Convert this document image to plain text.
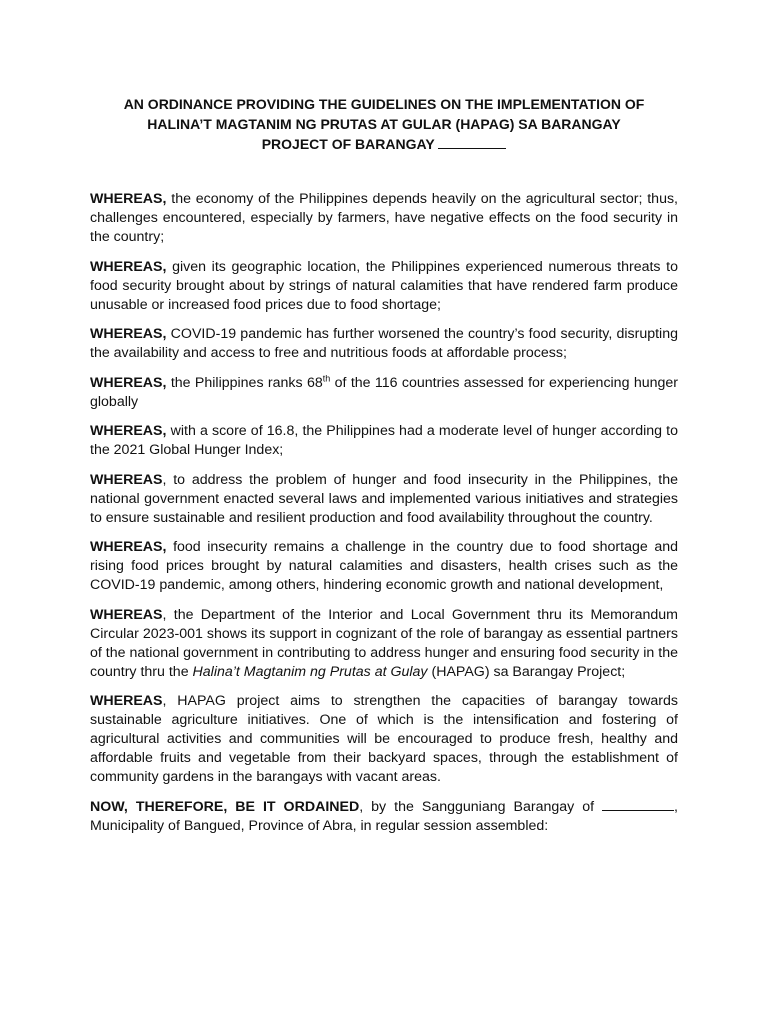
AN ORDINANCE PROVIDING THE GUIDELINES ON THE IMPLEMENTATION OF
HALINA’T MAGTANIM NG PRUTAS AT GULAR (HAPAG) SA BARANGAY
PROJECT OF BARANGAY

WHEREAS, the economy of the Philippines depends heavily on the agricultural sector; thus, challenges encountered, especially by farmers, have negative effects on the food security in the country;

WHEREAS, given its geographic location, the Philippines experienced numerous threats to food security brought about by strings of natural calamities that have rendered farm produce unusable or increased food prices due to food shortage;

WHEREAS, COVID-19 pandemic has further worsened the country’s food security, disrupting the availability and access to free and nutritious foods at affordable process;

WHEREAS, the Philippines ranks 68th of the 116 countries assessed for experiencing hunger globally

WHEREAS, with a score of 16.8, the Philippines had a moderate level of hunger according to the 2021 Global Hunger Index;

WHEREAS, to address the problem of hunger and food insecurity in the Philippines, the national government enacted several laws and implemented various initiatives and strategies to ensure sustainable and resilient production and food availability throughout the country.

WHEREAS, food insecurity remains a challenge in the country due to food shortage and rising food prices brought by natural calamities and disasters, health crises such as the COVID-19 pandemic, among others, hindering economic growth and national development,

WHEREAS, the Department of the Interior and Local Government thru its Memorandum Circular 2023-001 shows its support in cognizant of the role of barangay as essential partners of the national government in contributing to address hunger and ensuring food security in the country thru the Halina’t Magtanim ng Prutas at Gulay (HAPAG) sa Barangay Project;

WHEREAS, HAPAG project aims to strengthen the capacities of barangay towards sustainable agriculture initiatives. One of which is the intensification and fostering of agricultural activities and communities will be encouraged to produce fresh, healthy and affordable fruits and vegetable from their backyard spaces, through the establishment of community gardens in the barangays with vacant areas.

NOW, THEREFORE, BE IT ORDAINED, by the Sangguniang Barangay of	, Municipality of Bangued, Province of Abra, in regular session assembled:
